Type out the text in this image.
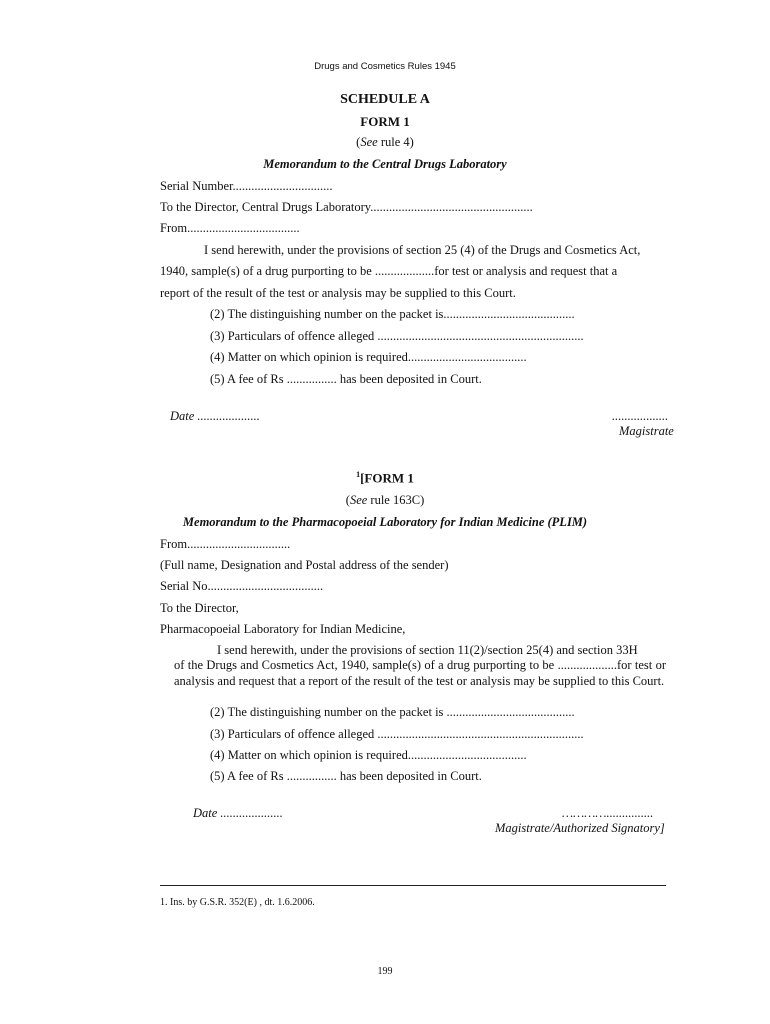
Drugs and Cosmetics Rules 1945
SCHEDULE A
FORM 1
(See rule 4)
Memorandum to the Central Drugs Laboratory
Serial Number................................
To the Director, Central Drugs Laboratory....................................................
From....................................
I send herewith, under the provisions of section 25 (4) of the Drugs and Cosmetics Act,
1940, sample(s) of a drug purporting to be ...................for test or analysis and request that a
report of the result of the test or analysis may be supplied to this Court.
(2) The distinguishing number on the packet is..........................................
(3) Particulars of offence alleged ..................................................................
(4) Matter on which opinion is required......................................
(5) A fee of Rs ................ has been deposited in Court.
Date ....................	..................
Magistrate
$^1$[FORM 1
(See rule 163C)
Memorandum to the Pharmacopoeial Laboratory for Indian Medicine (PLIM)
From.................................
(Full name, Designation and Postal address of the sender)
Serial No.....................................
To the Director,
Pharmacopoeial Laboratory for Indian Medicine,
I send herewith, under the provisions of section 11(2)/section 25(4) and section 33H
of the Drugs and Cosmetics Act, 1940, sample(s) of a drug purporting to be ...................for test or analysis and request that a report of the result of the test or analysis may be supplied to this Court.
(2) The distinguishing number on the packet is .........................................
(3) Particulars of offence alleged ..................................................................
(4) Matter on which opinion is required......................................
(5) A fee of Rs ................ has been deposited in Court.
Date ....................	…………...............
Magistrate/Authorized Signatory]
1. Ins. by G.S.R. 352(E) , dt. 1.6.2006.
199
